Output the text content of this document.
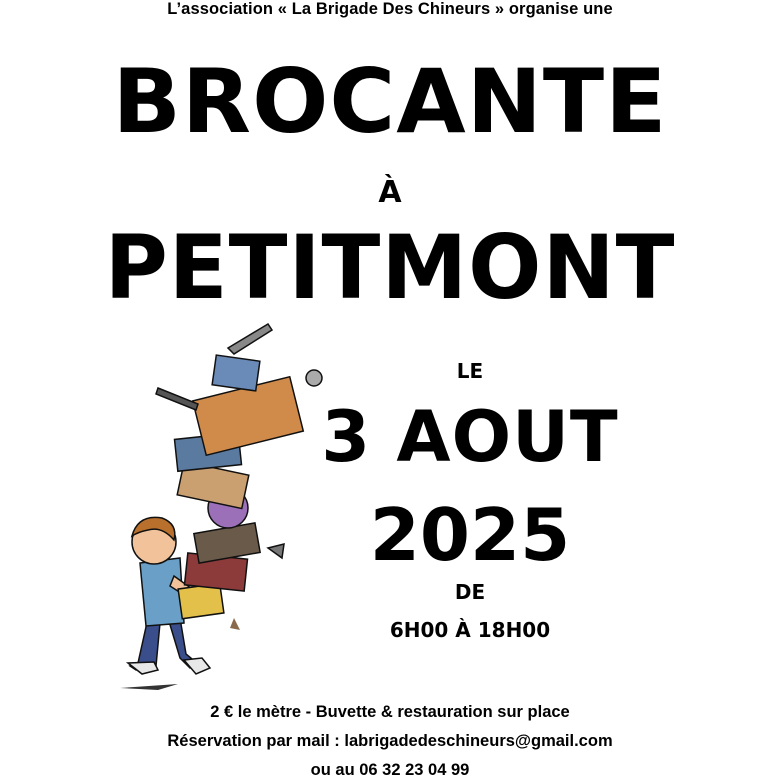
L’association « La Brigade Des Chineurs » organise une
BROCANTE
À
PETITMONT
LE
3 AOUT
2025
DE
6H00 À 18H00
2 € le mètre - Buvette & restauration sur place
Réservation par mail : labrigadedeschineurs@gmail.com
ou au 06 32 23 04 99
